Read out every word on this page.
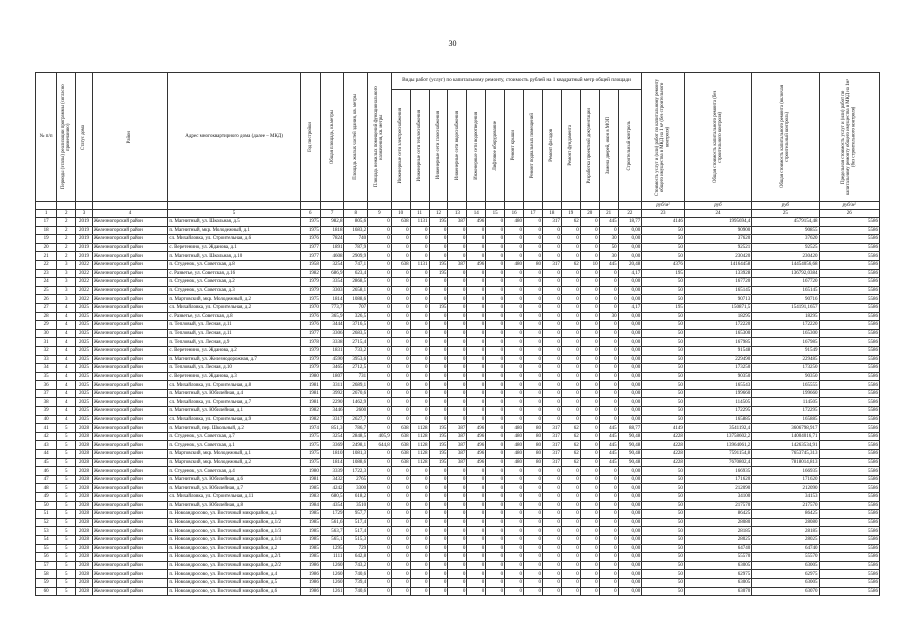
30
№ п/п	Периоды (этапы) реализации программы (согласно примечанию)	Статус дома	Район	Адрес многоквартирного дома (далее – МКД)	Год постройки	Общая площадь, кв.метры	Площадь жилых частей здания, кв. метры	Площадь нежилых помещений функционального назначения, кв. метры	Виды работ (услуг) по капитальному ремонту, стоимость рублей на 1 квадратный метр общей площади													Стоимость услуг и (или) работ по капитальному ремонту общего имущества в МКД на 1 м² (без строительного контроля)	Общая стоимость капитального ремонта (без строительного контроля)	Общая стоимость капитального ремонта (включая строительный контроль)	Предельная стоимость услуг и (или) работ по капитальному ремонту общего имущества в МКД на 1м² (без строительного контроля)

									Инженерные сети электроснабжения	Инженерные сети теплоснабжения	Инженерные сети газоснабжения	Инженерные сети водоснабжения	Инженерные сети водоотведения	Лифтовое оборудование	Ремонт крыши	Ремонт подвальных помещений	Ремонт фасадов	Ремонт фундамента	Разработка проектной документации	Замена дверей, окон в МОП	Строительный контроль				

																						руб/м²	руб	руб	руб/м²
1	2	3	4	5	6	7	8	9	10	11	12	13	14	15	16	17	18	19	20	21	22	23	24	25	26
17	2	2019	Железногорский район	п. Магнитный, ул. Школьная, д.5	1975	982,8	805,6	0	638	1131	195	387	496	0	480	0	317	62	0	445	18,77	4146	1995694,4	4579154,48	5586
18	2	2019	Железногорский район	п. Магнитный, мкр. Молодежный, д.1	1975	1818	1683,2	0	0	0	0	0	0	0	0	0	0	0	0	0	0,00	50	90900	90855	5586
19	2	2019	Железногорский район	сл. Михайловка, ул. Строительная, д.6	1976	7824	740	0	0	0	0	0	0	0	0	0	0	0	0	30	0,00	50	37620	37620	5586
20	2	2019	Железногорский район	с. Веретенино, ул. Жданова, д.1	1977	1891	787,9	0	0	0	0	0	0	0	0	0	0	0	0	50	0,00	50	92521	92525	5586
21	2	2019	Железногорский район	п. Магнитный, ул. Школьная, д.10	1977	4608	2909,9	0	0	0	0	0	0	0	0	0	0	0	0	30	0,00	50	230420	230420	5586
22	3	2022	Железногорский район	п. Студенок, ул. Советская, д.8	1958	3254	747,1	0	638	1131	195	387	496	0	480	80	317	62	10	445	20,48	4376	14164458	14454056,68	5586
23	3	2022	Железногорский район	с. Разветье, ул. Советская, д.16	1982	686,9	623,4	0	0	0	195	0	0	0	0	0	0	0	0	0	4,17	195	133928	136792,0384	5586
24	3	2022	Железногорский район	п. Студенок, ул. Советская, д.2	1979	3354	2868,5	0	0	0	0	0	0	0	0	0	0	0	0	0	0,00	50	167720	167720	5586
25	3	2022	Железногорский район	п. Студенок, ул. Советская, д.3	1979	3303	2658,1	0	0	0	0	0	0	0	0	0	0	0	0	0	0,00	50	165145	165145	5586
26	3	2022	Железногорский район	п. Мартовский, мкр. Молодежный, д.2	1975	1814	1088,6	0	0	0	0	0	0	0	0	0	0	0	0	0	0,00	50	90713	90716	5586
27	4	2025	Железногорский район	сл. Михайловка, ул. Строительная, д.2	1970	773,7	707	0	0	0	195	0	0	0	0	0	0	0	0	0	4,17	195	150871,5	154191,1657	5586
28	4	2025	Железногорский район	с. Разветье, ул. Советская, д.8	1976	365,9	326,5	0	0	0	0	0	0	0	0	0	0	0	0	30	0,00	50	18295	18295	5586
29	4	2025	Железногорский район	п. Тепловый, ул. Лесная, д.11	1976	3444	3716,5	0	0	0	0	0	0	0	0	0	0	0	0	0	0,00	50	172220	172220	5586
30	4	2025	Железногорский район	п. Тепловый, ул. Лесная, д.11	1977	3306	2683,5	0	0	0	0	0	0	0	0	0	0	0	0	0	0,00	50	165300	165300	5586
31	4	2025	Железногорский район	п. Тепловый, ул. Лесная, д.9	1978	3338	2715,4	0	0	0	0	0	0	0	0	0	0	0	0	0	0,00	50	167985	167985	5586
32	4	2025	Железногорский район	с. Веретенино, ул. Жданова, д.2	1979	1831	733,2	0	0	0	0	0	0	0	0	0	0	0	0	0	0,00	50	91548	91549	5586
33	4	2025	Железногорский район	п. Магнитный, ул. Железнодорожная, д.7	1979	4590	3953,6	0	0	0	0	0	0	0	0	0	0	0	0	0	0,00	50	229490	229485	5586
34	4	2025	Железногорский район	п. Тепловый, ул. Лесная, д.10	1979	3465	2712,5	0	0	0	0	0	0	0	0	0	0	0	0	0	0,00	50	173250	173250	5586
35	4	2025	Железногорский район	с. Веретенино, ул. Жданова, д.3	1980	1807	731	0	0	0	0	0	0	0	0	0	0	0	0	0	0,00	50	90350	90350	5586
36	4	2025	Железногорский район	сл. Михайловка, ул. Строительная, д.8	1981	3311	2689,1	0	0	0	0	0	0	0	0	0	0	0	0	0	0,00	50	165543	165555	5586
37	4	2025	Железногорский район	п. Магнитный, ул. Юбилейная, д.4	1981	3992	2670,6	0	0	0	0	0	0	0	0	0	0	0	0	0	0,00	50	199660	199660	5586
38	4	2025	Железногорский район	сл. Михайловка, ул. Строительная, д.7	1981	2290	1462,9	0	0	0	0	0	0	0	0	0	0	0	0	0	0,00	50	114505	114505	5586
39	4	2025	Железногорский район	п. Магнитный, ул. Юбилейная, д.1	1982	3446	2600	0	0	0	0	0	0	0	0	0	0	0	0	0	0,00	50	172295	172295	5586
40	4	2025	Железногорский район	сл. Михайловка, ул. Строительная, д.9	1982	3317	2627,7	0	0	0	0	0	0	0	0	0	0	0	0	0	0,00	50	165885	165885	5586
41	5	2028	Железногорский район	п. Магнитный, пер. Школьный, д.2	1974	851,3	786,7	0	638	1128	195	387	496	0	480	80	317	62	0	445	88,77	4149	3541192,4	3606798,917	5586
42	5	2028	Железногорский район	п. Студенок, ул. Советская, д.7	1975	3254	2848,5	405,9	638	1128	195	387	496	0	480	80	317	62	0	445	90,48	4228	13758602,2	14004016,71	5586
43	5	2028	Железногорский район	п. Студенок, ул. Советская, д.1	1975	3369	2498,1	644,8	638	1128	195	387	496	0	480	80	317	62	0	445	90,48	4228	13964061,2	14263534,91	5586
44	5	2028	Железногорский район	п. Мартовский, мкр. Молодежный, д.1	1975	1810	1081,3	0	638	1128	195	387	496	0	480	80	317	62	0	445	90,48	4228	7591154,8	7653745,313	5586
45	5	2028	Железногорский район	п. Мартовский, мкр. Молодежный, д.2	1975	1814	1088,6	0	638	1128	195	387	496	0	480	80	317	62	0	445	90,48	4228	7670802,4	7818014,813	5586
46	5	2028	Железногорский район	п. Студенок, ул. Советская, д.4	1980	3339	1722,3	0	0	0	0	0	0	0	0	0	0	0	0	0	0,00	50	166935	166935	5586
47	5	2028	Железногорский район	п. Магнитный, ул. Юбилейная, д.6	1981	3432	2765	0	0	0	0	0	0	0	0	0	0	0	0	0	0,00	50	171620	171620	5586
48	5	2028	Железногорский район	п. Магнитный, ул. Юбилейная, д.7	1985	4242	3300	0	0	0	0	0	0	0	0	0	0	0	0	0	0,00	50	212090	212090	5586
49	5	2028	Железногорский район	сл. Михайловка, ул. Строительная, д.11	1983	680,5	618,2	0	0	0	0	0	0	0	0	0	0	0	0	0	0,00	50	34100	34153	5586
50	5	2028	Железногорский район	п. Магнитный, ул. Юбилейная, д.8	1984	4354	3510	0	0	0	0	0	0	0	0	0	0	0	0	0	0,00	50	217570	217570	5586
51	5	2028	Железногорский район	п. Новоандросово, ул. Восточный микрорайон, д.1	1985	1729	957,7	0	0	0	0	0	0	0	0	0	0	0	0	0	0,00	50	86425	86425	5586
52	5	2028	Железногорский район	п. Новоандросово, ул. Восточный микрорайон, д.1/2	1985	561,6	517,4	0	0	0	0	0	0	0	0	0	0	0	0	0	0,00	50	28080	28080	5586
53	5	2028	Железногорский район	п. Новоандросово, ул. Восточный микрорайон, д.1/3	1985	563,7	517,4	0	0	0	0	0	0	0	0	0	0	0	0	0	0,00	50	28185	28185	5586
54	5	2028	Железногорский район	п. Новоандросово, ул. Восточный микрорайон, д.1/4	1985	565,1	515,3	0	0	0	0	0	0	0	0	0	0	0	0	0	0,00	50	28025	28025	5586
55	5	2028	Железногорский район	п. Новоандросово, ул. Восточный микрорайон, д.2	1985	1295	729	0	0	0	0	0	0	0	0	0	0	0	0	0	0,00	50	64740	64740	5586
56	5	2028	Железногорский район	п. Новоандросово, ул. Восточный микрорайон, д.2/1	1985	1111	642,8	0	0	0	0	0	0	0	0	0	0	0	0	0	0,00	50	55570	55570	5586
57	5	2028	Железногорский район	п. Новоандросово, ул. Восточный микрорайон, д.2/2	1986	1260	743,2	0	0	0	0	0	0	0	0	0	0	0	0	0	0,00	50	63005	63005	5586
58	5	2028	Железногорский район	п. Новоандросово, ул. Восточный микрорайон, д.4	1986	1260	740,6	0	0	0	0	0	0	0	0	0	0	0	0	0	0,00	50	62975	62975	5586
59	5	2028	Железногорский район	п. Новоандросово, ул. Восточный микрорайон, д.5	1986	1260	739,4	0	0	0	0	0	0	0	0	0	0	0	0	0	0,00	50	63005	63005	5586
60	5	2028	Железногорский район	п. Новоандросово, ул. Восточный микрорайон, д.6	1986	1261	740,6	0	0	0	0	0	0	0	0	0	0	0	0	0	0,00	50	63070	63070	5586
